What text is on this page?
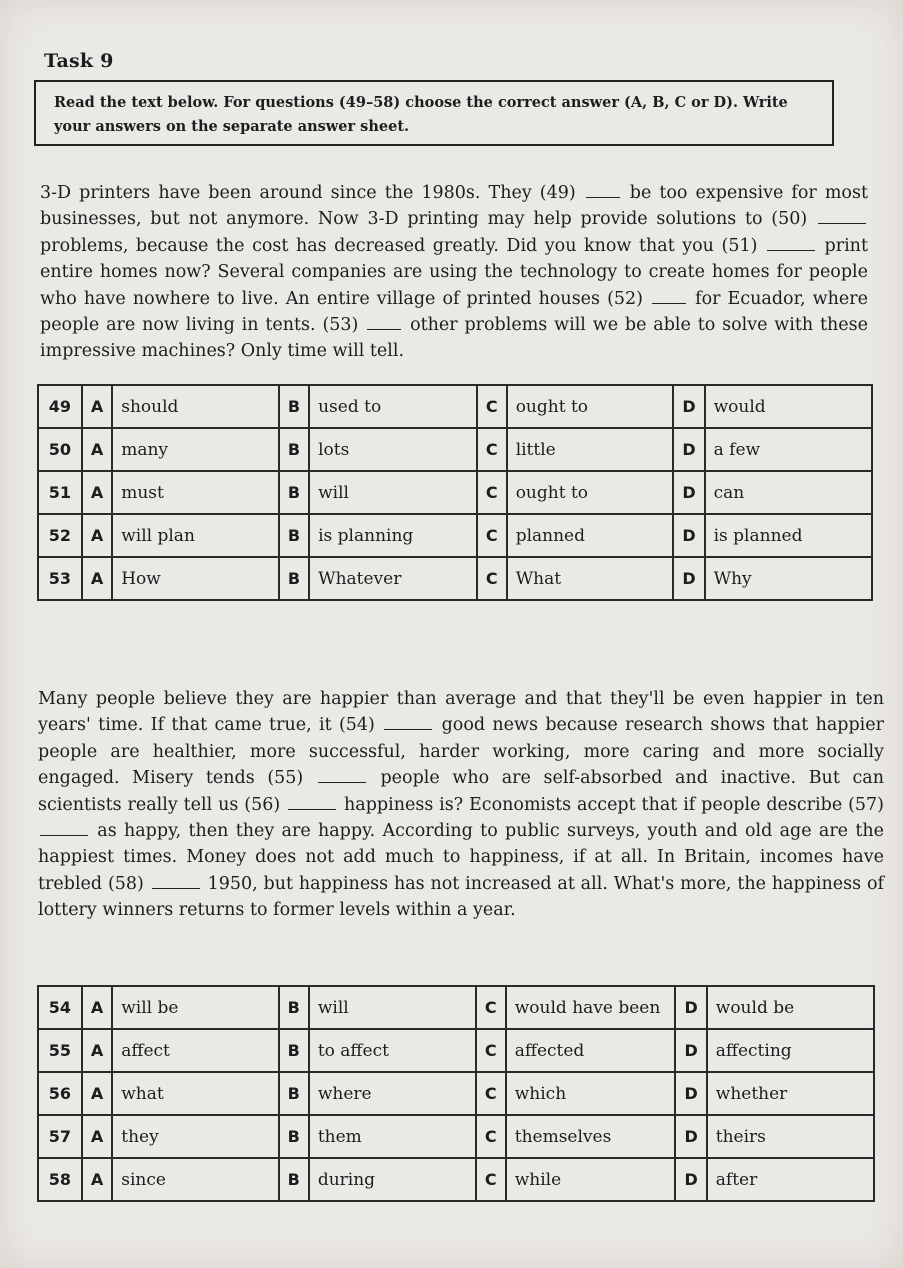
Task 9
Read the text below. For questions (49–58) choose the correct answer (A, B, C or D). Write your answers on the separate answer sheet.
3-D printers have been around since the 1980s. They (49)	be too expensive for most businesses, but not anymore. Now 3-D printing may help provide solutions to (50)  problems, because the cost has decreased greatly. Did you know that you (51)	print entire homes now? Several companies are using the technology to create homes for people who have nowhere to live. An entire village of printed houses (52)	for Ecuador, where people are now living in tents. (53)	other problems will we be able to solve with these impressive machines? Only time will tell.
49	A	should	B	used to	C	ought to	D	would
50	A	many	B	lots	C	little	D	a few
51	A	must	B	will	C	ought to	D	can
52	A	will plan	B	is planning	C	planned	D	is planned
53	A	How	B	Whatever	C	What	D	Why
Many people believe they are happier than average and that they'll be even happier in ten years' time. If that came true, it (54)	good news because research shows that happier people are healthier, more successful, harder working, more caring and more socially engaged. Misery tends (55)	people who are self-absorbed and inactive. But can scientists really tell us (56)	happiness is? Economists accept that if people describe (57)  as happy, then they are happy. According to public surveys, youth and old age are the happiest times. Money does not add much to happiness, if at all. In Britain, incomes have trebled (58)	1950, but happiness has not increased at all. What's more, the happiness of lottery winners returns to former levels within a year.
54	A	will be	B	will	C	would have been	D	would be
55	A	affect	B	to affect	C	affected	D	affecting
56	A	what	B	where	C	which	D	whether
57	A	they	B	them	C	themselves	D	theirs
58	A	since	B	during	C	while	D	after
